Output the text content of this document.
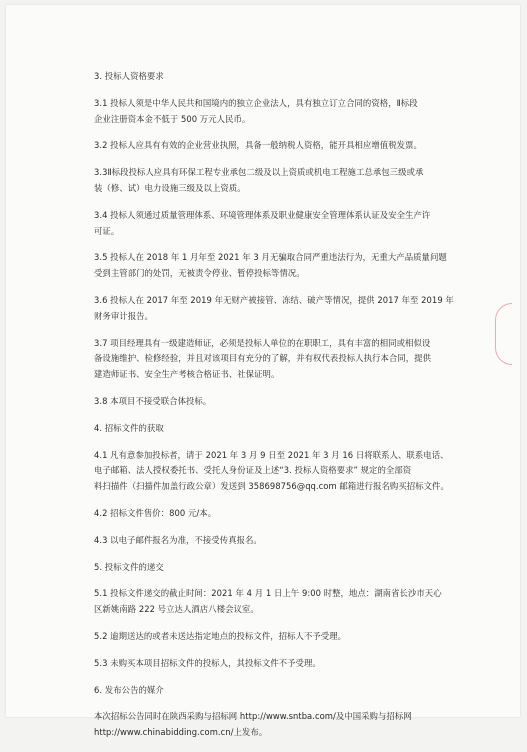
3. 投标人资格要求
3.1 投标人须是中华人民共和国境内的独立企业法人，具有独立订立合同的资格，Ⅱ标段
企业注册资本金不低于 500 万元人民币。
3.2 投标人应具有有效的企业营业执照，具备一般纳税人资格，能开具相应增值税发票。
3.3Ⅱ标段投标人应具有环保工程专业承包二级及以上资质或机电工程施工总承包三级或承
装（修、试）电力设施三级及以上资质。
3.4 投标人须通过质量管理体系、环境管理体系及职业健康安全管理体系认证及安全生产许
可证。
3.5 投标人在 2018 年 1 月年至 2021 年 3 月无骗取合同严重违法行为，无重大产品质量问题
受到主管部门的处罚，无被责令停业、暂停投标等情况。
3.6 投标人在 2017 年至 2019 年无财产被接管、冻结、破产等情况，提供 2017 年至 2019 年
财务审计报告。
3.7 项目经理具有一级建造师证，必须是投标人单位的在职职工，具有丰富的相同或相似设
备设施维护、检修经验，并且对该项目有充分的了解，并有权代表投标人执行本合同，提供
建造师证书、安全生产考核合格证书、社保证明。
3.8 本项目不接受联合体投标。
4. 招标文件的获取
4.1 凡有意参加投标者，请于 2021 年 3 月 9 日至 2021 年 3 月 16 日将联系人、联系电话、
电子邮箱、法人授权委托书、受托人身份证及上述“3. 投标人资格要求” 规定的全部资
料扫描件（扫描件加盖行政公章）发送到 358698756@qq.com 邮箱进行报名购买招标文件。
4.2 招标文件售价：800 元/本。
4.3 以电子邮件报名为准，不接受传真报名。
5. 投标文件的递交
5.1 投标文件递交的截止时间：2021 年 4 月 1 日上午 9:00 时整，地点：湖南省长沙市天心
区新姚南路 222 号立达人酒店八楼会议室。
5.2 逾期送达的或者未送达指定地点的投标文件，招标人不予受理。
5.3 未购买本项目招标文件的投标人，其投标文件不予受理。
6. 发布公告的媒介
本次招标公告同时在陕西采购与招标网 http://www.sntba.com/及中国采购与招标网
http://www.chinabidding.com.cn/上发布。
